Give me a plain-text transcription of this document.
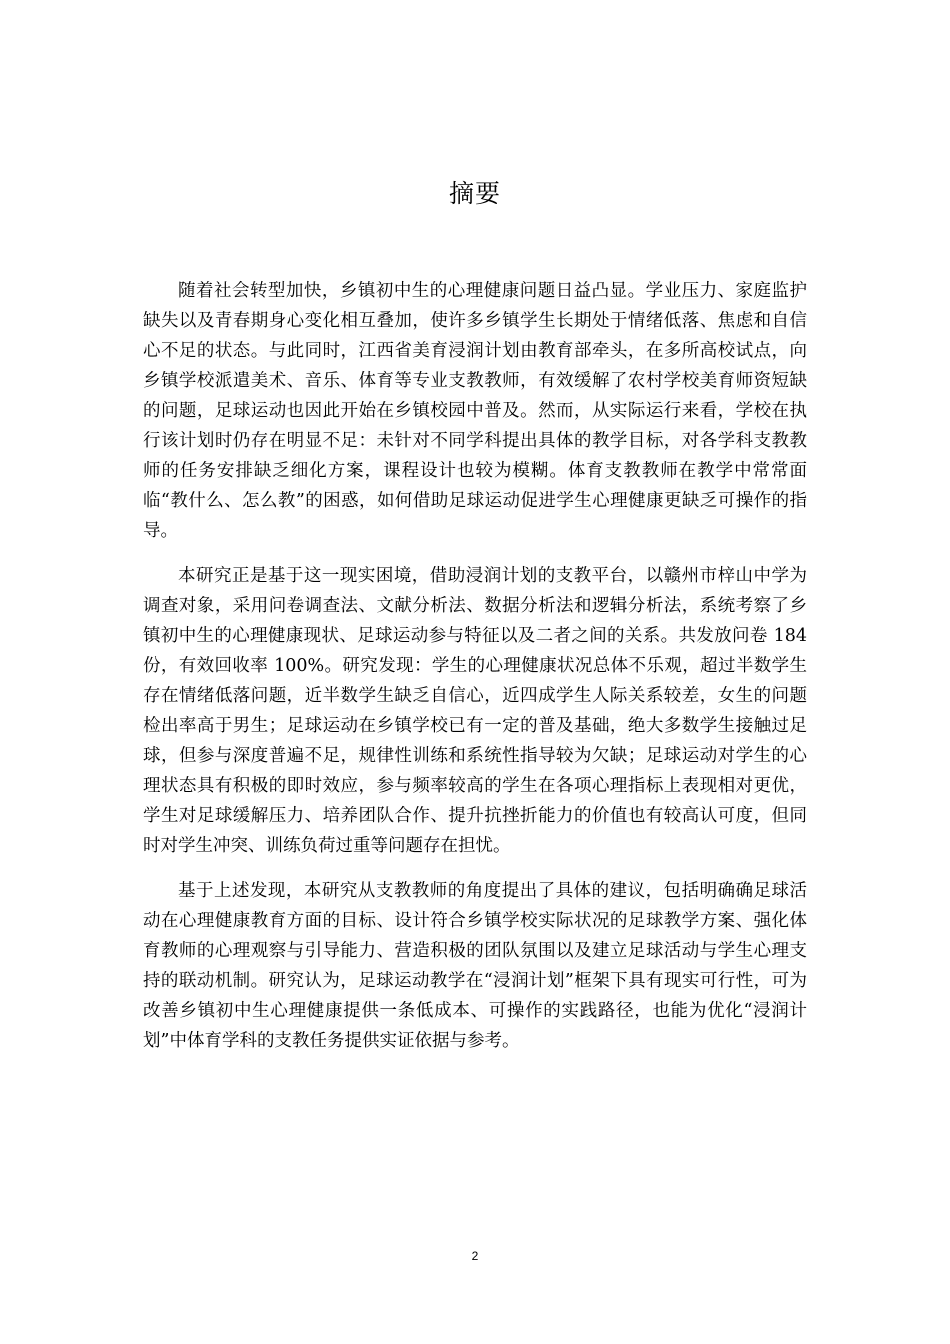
摘要

随着社会转型加快，乡镇初中生的心理健康问题日益凸显。学业压力、家庭监护缺失以及青春期身心变化相互叠加，使许多乡镇学生长期处于情绪低落、焦虑和自信心不足的状态。与此同时，江西省美育浸润计划由教育部牵头，在多所高校试点，向乡镇学校派遣美术、音乐、体育等专业支教教师，有效缓解了农村学校美育师资短缺的问题，足球运动也因此开始在乡镇校园中普及。然而，从实际运行来看，学校在执行该计划时仍存在明显不足：未针对不同学科提出具体的教学目标，对各学科支教教师的任务安排缺乏细化方案，课程设计也较为模糊。体育支教教师在教学中常常面临“教什么、怎么教”的困惑，如何借助足球运动促进学生心理健康更缺乏可操作的指导。

本研究正是基于这一现实困境，借助浸润计划的支教平台，以赣州市梓山中学为调查对象，采用问卷调查法、文献分析法、数据分析法和逻辑分析法，系统考察了乡镇初中生的心理健康现状、足球运动参与特征以及二者之间的关系。共发放问卷 184 份，有效回收率 100%。研究发现：学生的心理健康状况总体不乐观，超过半数学生存在情绪低落问题，近半数学生缺乏自信心，近四成学生人际关系较差，女生的问题检出率高于男生；足球运动在乡镇学校已有一定的普及基础，绝大多数学生接触过足球，但参与深度普遍不足，规律性训练和系统性指导较为欠缺；足球运动对学生的心理状态具有积极的即时效应，参与频率较高的学生在各项心理指标上表现相对更优，学生对足球缓解压力、培养团队合作、提升抗挫折能力的价值也有较高认可度，但同时对学生冲突、训练负荷过重等问题存在担忧。

基于上述发现，本研究从支教教师的角度提出了具体的建议，包括明确确足球活动在心理健康教育方面的目标、设计符合乡镇学校实际状况的足球教学方案、强化体育教师的心理观察与引导能力、营造积极的团队氛围以及建立足球活动与学生心理支持的联动机制。研究认为，足球运动教学在“浸润计划”框架下具有现实可行性，可为改善乡镇初中生心理健康提供一条低成本、可操作的实践路径，也能为优化“浸润计划”中体育学科的支教任务提供实证依据与参考。

2
